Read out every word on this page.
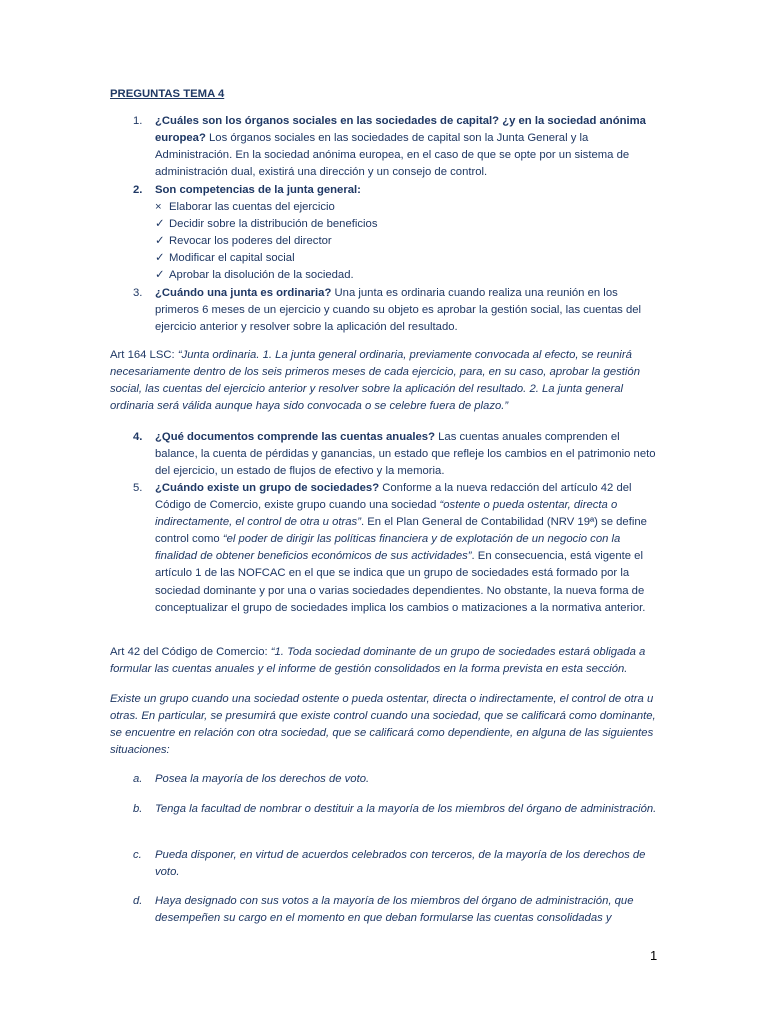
PREGUNTAS TEMA 4
1. ¿Cuáles son los órganos sociales en las sociedades de capital? ¿y en la sociedad anónima europea? Los órganos sociales en las sociedades de capital son la Junta General y la Administración. En la sociedad anónima europea, en el caso de que se opte por un sistema de administración dual, existirá una dirección y un consejo de control.
2. Son competencias de la junta general:
× Elaborar las cuentas del ejercicio
✓ Decidir sobre la distribución de beneficios
✓ Revocar los poderes del director
✓ Modificar el capital social
✓ Aprobar la disolución de la sociedad.
3. ¿Cuándo una junta es ordinaria? Una junta es ordinaria cuando realiza una reunión en los primeros 6 meses de un ejercicio y cuando su objeto es aprobar la gestión social, las cuentas del ejercicio anterior y resolver sobre la aplicación del resultado.
Art 164 LSC: “Junta ordinaria. 1. La junta general ordinaria, previamente convocada al efecto, se reunirá necesariamente dentro de los seis primeros meses de cada ejercicio, para, en su caso, aprobar la gestión social, las cuentas del ejercicio anterior y resolver sobre la aplicación del resultado. 2. La junta general ordinaria será válida aunque haya sido convocada o se celebre fuera de plazo.”
4. ¿Qué documentos comprende las cuentas anuales? Las cuentas anuales comprenden el balance, la cuenta de pérdidas y ganancias, un estado que refleje los cambios en el patrimonio neto del ejercicio, un estado de flujos de efectivo y la memoria.
5. ¿Cuándo existe un grupo de sociedades? Conforme a la nueva redacción del artículo 42 del Código de Comercio, existe grupo cuando una sociedad “ostente o pueda ostentar, directa o indirectamente, el control de otra u otras”. En el Plan General de Contabilidad (NRV 19ª) se define control como “el poder de dirigir las políticas financiera y de explotación de un negocio con la finalidad de obtener beneficios económicos de sus actividades”. En consecuencia, está vigente el artículo 1 de las NOFCAC en el que se indica que un grupo de sociedades está formado por la sociedad dominante y por una o varias sociedades dependientes. No obstante, la nueva forma de conceptualizar el grupo de sociedades implica los cambios o matizaciones a la normativa anterior.
Art 42 del Código de Comercio: “1. Toda sociedad dominante de un grupo de sociedades estará obligada a formular las cuentas anuales y el informe de gestión consolidados en la forma prevista en esta sección.
Existe un grupo cuando una sociedad ostente o pueda ostentar, directa o indirectamente, el control de otra u otras. En particular, se presumirá que existe control cuando una sociedad, que se calificará como dominante, se encuentre en relación con otra sociedad, que se calificará como dependiente, en alguna de las siguientes situaciones:
a. Posea la mayoría de los derechos de voto.
b. Tenga la facultad de nombrar o destituir a la mayoría de los miembros del órgano de administración.
c. Pueda disponer, en virtud de acuerdos celebrados con terceros, de la mayoría de los derechos de voto.
d. Haya designado con sus votos a la mayoría de los miembros del órgano de administración, que desempeñen su cargo en el momento en que deban formularse las cuentas consolidadas y
1
